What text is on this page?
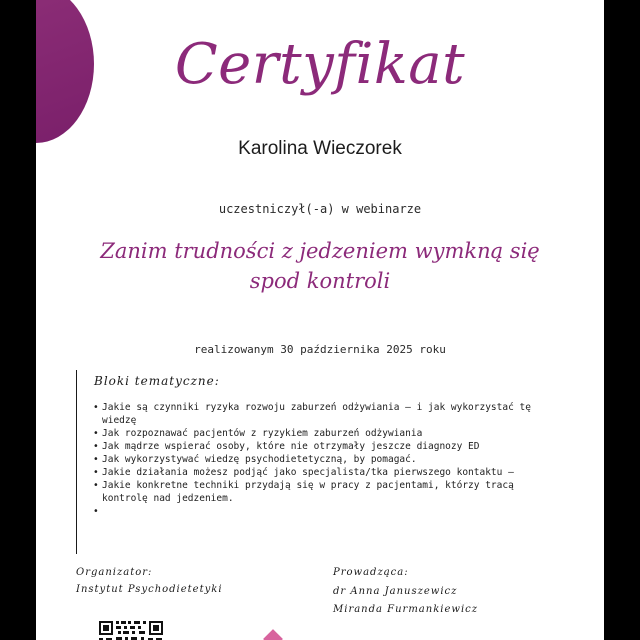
Certyfikat
Karolina Wieczorek
uczestniczył(-a) w webinarze
Zanim trudności z jedzeniem wymkną się
spod kontroli
realizowanym 30 października 2025 roku
Bloki tematyczne:
• Jakie są czynniki ryzyka rozwoju zaburzeń odżywiania – i jak wykorzystać tę wiedzę
• Jak rozpoznawać pacjentów z ryzykiem zaburzeń odżywiania
• Jak mądrze wspierać osoby, które nie otrzymały jeszcze diagnozy ED
• Jak wykorzystywać wiedzę psychodietetyczną, by pomagać.
• Jakie działania możesz podjąć jako specjalista/tka pierwszego kontaktu –
• Jakie konkretne techniki przydają się w pracy z pacjentami, którzy tracą kontrolę nad jedzeniem.
•
Organizator:
Instytut Psychodietetyki
Prowadząca:
dr Anna Januszewicz
Miranda Furmankiewicz
